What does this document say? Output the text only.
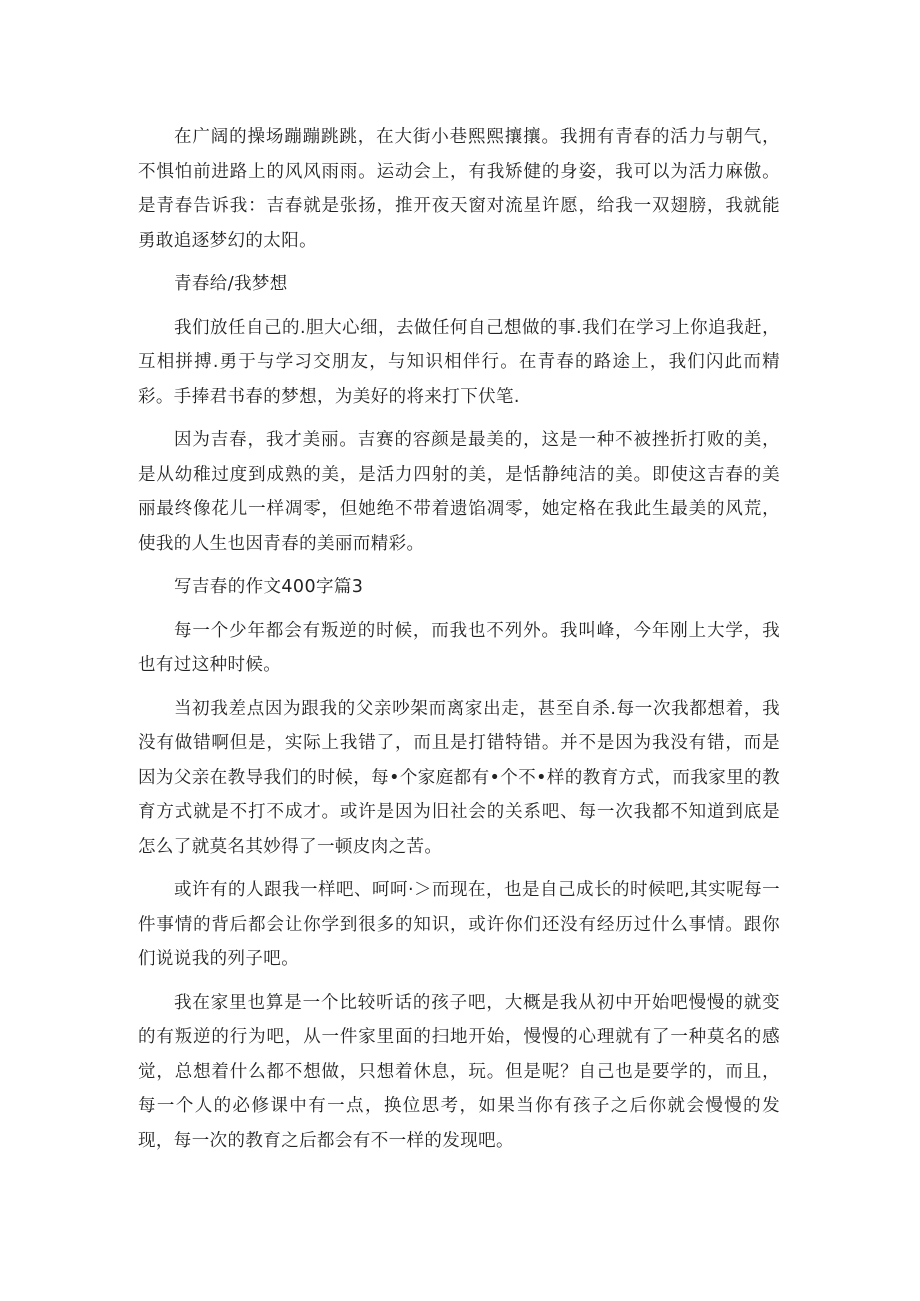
在广阔的操场蹦蹦跳跳，在大街小巷熙熙攘攘。我拥有青春的活力与朝气，不惧怕前进路上的风风雨雨。运动会上，有我矫健的身姿，我可以为活力麻傲。是青春告诉我：吉春就是张扬，推开夜天窗对流星许愿，给我一双翅膀，我就能勇敢追逐梦幻的太阳。

青春给/我梦想

我们放任自己的.胆大心细，去做任何自己想做的事.我们在学习上你追我赶，互相拼搏.勇于与学习交朋友，与知识相伴行。在青春的路途上，我们闪此而精彩。手捧君书春的梦想，为美好的将来打下伏笔.

因为吉春，我才美丽。吉赛的容颜是最美的，这是一种不被挫折打败的美，是从幼稚过度到成熟的美，是活力四射的美，是恬静纯洁的美。即使这吉春的美丽最终像花儿一样凋零，但她绝不带着遗馅凋零，她定格在我此生最美的风荒，使我的人生也因青春的美丽而精彩。

写吉春的作文400字篇3

每一个少年都会有叛逆的时候，而我也不列外。我叫峰，今年刚上大学，我也有过这种时候。

当初我差点因为跟我的父亲吵架而离家出走，甚至自杀.每一次我都想着，我没有做错啊但是，实际上我错了，而且是打错特错。并不是因为我没有错，而是因为父亲在教导我们的时候，每•个家庭都有•个不•样的教育方式，而我家里的教育方式就是不打不成才。或许是因为旧社会的关系吧、每一次我都不知道到底是怎么了就莫名其妙得了一顿皮肉之苦。

或许有的人跟我一样吧、呵呵·＞而现在，也是自己成长的时候吧,其实呢每一件事情的背后都会让你学到很多的知识，或许你们还没有经历过什么事情。跟你们说说我的列子吧。

我在家里也算是一个比较听话的孩子吧，大概是我从初中开始吧慢慢的就变的有叛逆的行为吧，从一件家里面的扫地开始，慢慢的心理就有了一种莫名的感觉，总想着什么都不想做，只想着休息，玩。但是呢？自己也是要学的，而且，每一个人的必修课中有一点，换位思考，如果当你有孩子之后你就会慢慢的发现，每一次的教育之后都会有不一样的发现吧。
